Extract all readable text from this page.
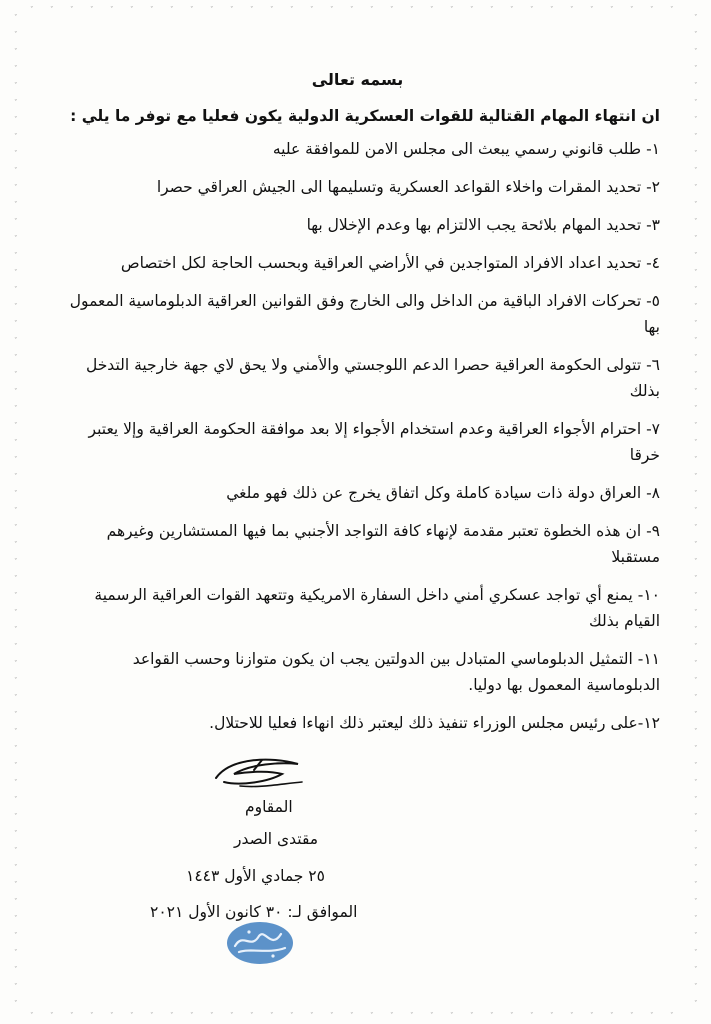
ˇ	ˇ
ˇ	ˇ
ˇ	ˇ
ˇ	ˇ
ˇ	ˇ
ˇ	ˇ
ˇ	ˇ
ˇ	ˇ
ˇ	ˇ
ˇ	ˇ
ˇ	ˇ
ˇ	ˇ
ˇ	ˇ
ˇ	ˇ
ˇ	ˇ
ˇ	ˇ
ˇ	ˇ
ˇ	ˇ
ˇ	ˇ
ˇ	ˇ
ˇ	ˇ
ˇ	ˇ
ˇ	ˇ
ˇ	ˇ
ˇ	ˇ
ˇ	ˇ
ˇ	ˇ
ˇ	ˇ
ˇ	ˇ
ˇ	ˇ
ˇ	ˇ
ˇ	ˇ
ˇ	ˇ
ˇ	ˇ
ˇ	ˇ
ˇ	ˇ
ˇ	ˇ
ˇ	ˇ
ˇ	ˇ
ˇ	ˇ
ˇ	ˇ
ˇ	ˇ
ˇ	ˇ
ˇ	ˇ
ˇ	ˇ
ˇ	ˇ
ˇ	ˇ
ˇ	ˇ
ˇ	ˇ
ˇ	ˇ
ˇ	ˇ
ˇ	ˇ
ˇ	ˇ
ˇ	ˇ
ˇ	ˇ
ˇ	ˇ
ˇ	ˇ
ˇ	ˇ
ˇ	ˇ
ˇ
ˇ
ˇ
ˇ
ˇ
ˇ
ˇ
ˇ
ˇ
ˇ
ˇ
ˇ
ˇ
ˇ
ˇ
ˇ
ˇ
ˇ
ˇ
ˇ
ˇ
ˇ
ˇ
ˇ
ˇ
ˇ
ˇ
ˇ
ˇ
ˇ
ˇ
ˇ
ˇ
ˇ
ˇ
ˇ
ˇ
ˇ
ˇ
ˇ
ˇ
ˇ
ˇ
ˇ
ˇ
ˇ
ˇ
ˇ
ˇ
ˇ
ˇ
ˇ
ˇ
ˇ
ˇ
ˇ
ˇ
ˇ
ˇ
ˇ
ˇ
ˇ
ˇ
ˇ
ˇ
ˇ
بسمه تعالى
ان انتهاء المهام القتالية للقوات العسكرية الدولية يكون فعليا مع توفر ما يلي :
١- طلب قانوني رسمي يبعث الى مجلس الامن للموافقة عليه
٢- تحديد المقرات واخلاء القواعد العسكرية وتسليمها الى الجيش العراقي حصرا
٣- تحديد المهام بلائحة يجب الالتزام بها وعدم الإخلال بها
٤- تحديد اعداد الافراد المتواجدين في الأراضي العراقية وبحسب الحاجة لكل اختصاص
٥- تحركات الافراد الباقية من الداخل والى الخارج وفق القوانين العراقية الدبلوماسية المعمول بها
٦- تتولى الحكومة العراقية حصرا الدعم اللوجستي والأمني ولا يحق لاي جهة خارجية التدخل بذلك
٧- احترام الأجواء العراقية وعدم استخدام الأجواء إلا بعد موافقة الحكومة العراقية وإلا يعتبر خرقا
٨- العراق دولة ذات سيادة كاملة وكل اتفاق يخرج عن ذلك فهو ملغي
٩- ان هذه الخطوة تعتبر مقدمة لإنهاء كافة التواجد الأجنبي بما فيها المستشارين وغيرهم مستقبلا
١٠- يمنع أي تواجد عسكري أمني داخل السفارة الامريكية وتتعهد القوات العراقية الرسمية القيام بذلك
١١- التمثيل الدبلوماسي المتبادل بين الدولتين يجب ان يكون متوازنا وحسب القواعد الدبلوماسية المعمول بها دوليا.
١٢-على رئيس مجلس الوزراء تنفيذ ذلك ليعتبر ذلك انهاءا فعليا للاحتلال.
المقاوم
مقتدى الصدر
٢٥ جمادي الأول ١٤٤٣
الموافق لـ: ٣٠ كانون الأول ٢٠٢١
